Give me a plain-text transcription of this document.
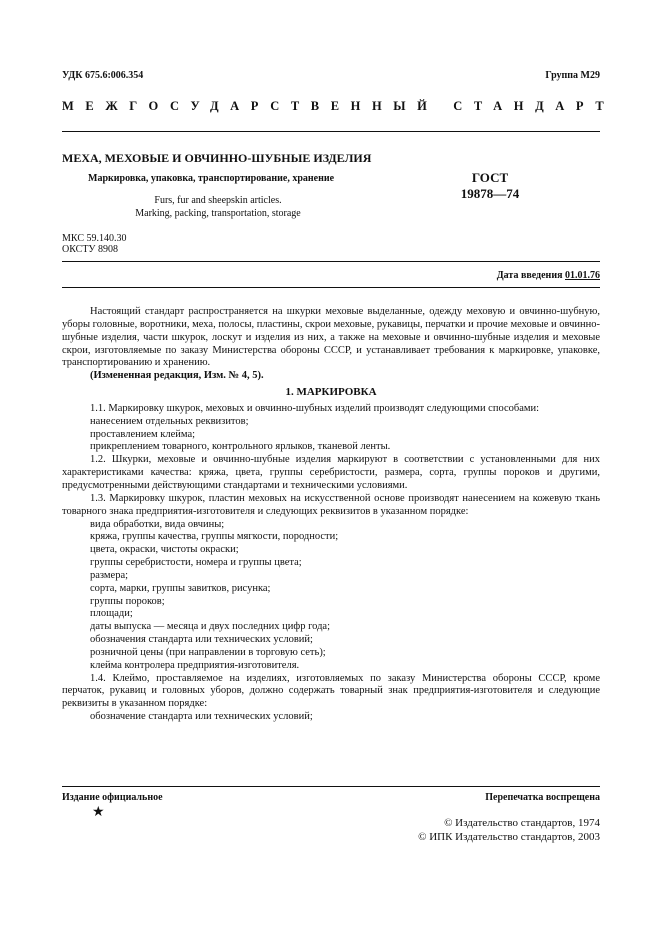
УДК 675.6:006.354	Группа М29
МЕЖГОСУДАРСТВЕННЫЙ СТАНДАРТ
МЕХА, МЕХОВЫЕ И ОВЧИННО-ШУБНЫЕ ИЗДЕЛИЯ
Маркировка, упаковка, транспортирование, хранение
Furs, fur and sheepskin articles.
Marking, packing, transportation, storage
ГОСТ
19878—74
МКС 59.140.30
ОКСТУ 8908
Дата введения 01.01.76

Настоящий стандарт распространяется на шкурки меховые выделанные, одежду меховую и овчинно-шубную, уборы головные, воротники, меха, полосы, пластины, скрои меховые, рукавицы, перчатки и прочие меховые и овчинно-шубные изделия, части шкурок, лоскут и изделия из них, а также на меховые и овчинно-шубные изделия и меховые скрои, изготовляемые по заказу Министерства обороны СССР, и устанавливает требования к маркировке, упаковке, транспортированию и хранению.

(Измененная редакция, Изм. № 4, 5).

1. МАРКИРОВКА

1.1. Маркировку шкурок, меховых и овчинно-шубных изделий производят следующими способами:

нанесением отдельных реквизитов;

проставлением клейма;

прикреплением товарного, контрольного ярлыков, тканевой ленты.

1.2. Шкурки, меховые и овчинно-шубные изделия маркируют в соответствии с установленными для них характеристиками качества: кряжа, цвета, группы серебристости, размера, сорта, группы пороков и другими, предусмотренными действующими стандартами и техническими условиями.

1.3. Маркировку шкурок, пластин меховых на искусственной основе производят нанесением на кожевую ткань товарного знака предприятия-изготовителя и следующих реквизитов в указанном порядке:

вида обработки, вида овчины;

кряжа, группы качества, группы мягкости, породности;

цвета, окраски, чистоты окраски;

группы серебристости, номера и группы цвета;

размера;

сорта, марки, группы завитков, рисунка;

группы пороков;

площади;

даты выпуска — месяца и двух последних цифр года;

обозначения стандарта или технических условий;

розничной цены (при направлении в торговую сеть);

клейма контролера предприятия-изготовителя.

1.4. Клеймо, проставляемое на изделиях, изготовляемых по заказу Министерства обороны СССР, кроме перчаток, рукавиц и головных уборов, должно содержать товарный знак предприятия-изготовителя и следующие реквизиты в указанном порядке:

обозначение стандарта или технических условий;

Издание официальное	Перепечатка воспрещена
★
© Издательство стандартов, 1974
© ИПК Издательство стандартов, 2003
